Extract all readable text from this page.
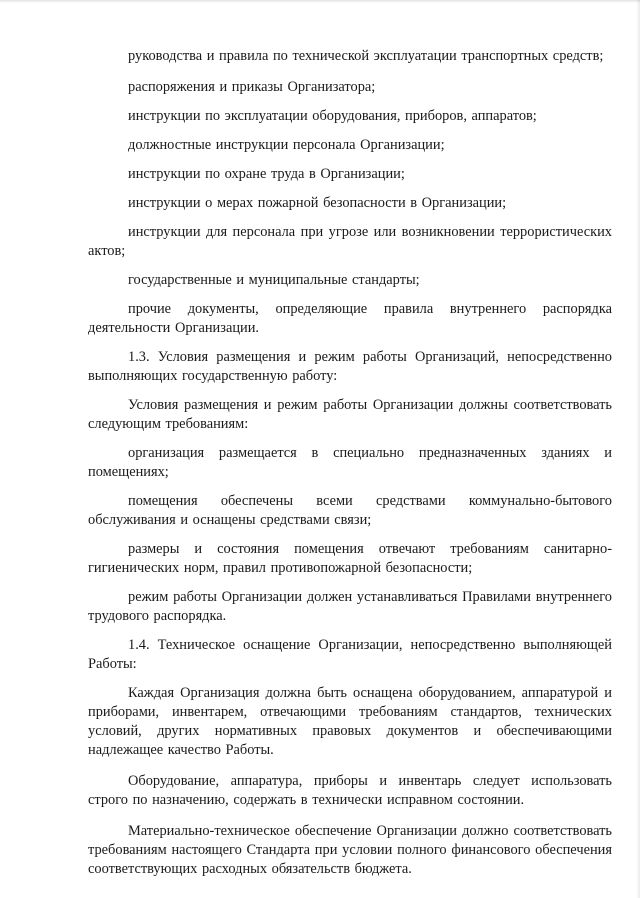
руководства и правила по технической эксплуатации транспортных средств;

распоряжения и приказы Организатора;

инструкции по эксплуатации оборудования, приборов, аппаратов;

должностные инструкции персонала Организации;

инструкции по охране труда в Организации;

инструкции о мерах пожарной безопасности в Организации;

инструкции для персонала при угрозе или возникновении террористических актов;

государственные и муниципальные стандарты;

прочие документы, определяющие правила внутреннего распорядка деятельности Организации.

1.3. Условия размещения и режим работы Организаций, непосредственно выполняющих государственную работу:

Условия размещения и режим работы Организации должны соответствовать следующим требованиям:

организация размещается в специально предназначенных зданиях и помещениях;

помещения обеспечены всеми средствами коммунально-бытового обслуживания и оснащены средствами связи;

размеры и состояния помещения отвечают требованиям санитарно-гигиенических норм, правил противопожарной безопасности;

режим работы Организации должен устанавливаться Правилами внутреннего трудового распорядка.

1.4. Техническое оснащение Организации, непосредственно выполняющей Работы:

Каждая Организация должна быть оснащена оборудованием, аппаратурой и приборами, инвентарем, отвечающими требованиям стандартов, технических условий, других нормативных правовых документов и обеспечивающими надлежащее качество Работы.

Оборудование, аппаратура, приборы и инвентарь следует использовать строго по назначению, содержать в технически исправном состоянии.

Материально-техническое обеспечение Организации должно соответствовать требованиям настоящего Стандарта при условии полного финансового обеспечения соответствующих расходных обязательств бюджета.
